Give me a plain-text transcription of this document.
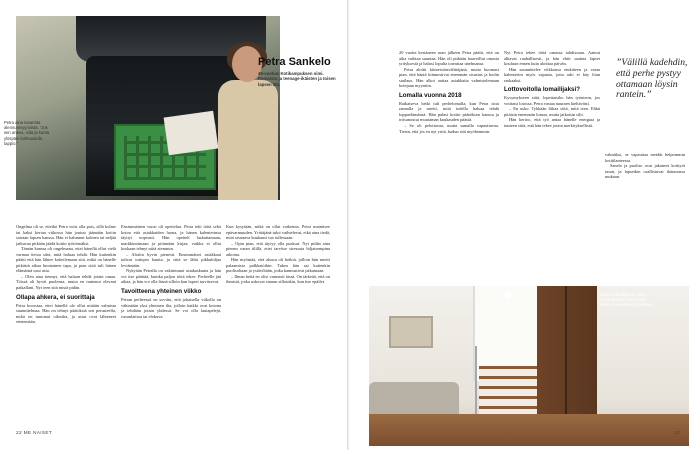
Petra aina tavaroita alennusmyynnistä. ”Jos sen ankea, niitä ja kanta ylöspäin kohtuudella tappio.”
Petra Sankelo
49-vuotias Kotikampuksen nimi. Pomoista ja teenage-ikäisten ja toisen lapsen äiti.

Ongelma oli se, etteikö Petra voisi olla pois, sillä kolme tai kaksi kertaa viikossa hän joutuu jäämään kotiin sairaan lapsen kanssa. Hän ei halunnut kolmea tai neljää jatkuvaa pitkään jäädä kotiin työttömäksi.

Tämän kanssa oli ongelmana, ettei hänellä ollut vielä varmaa tietoa siitä, mitä haluaa tehdä. Hän kuitenkin päätti että hän lähtee kokeilemaan sitä, mikä on hänelle pitkästä aikaa luontainen tapa, ja pian siitä tuli hänen elämänsä uusi asia.

– Olen aina tiennyt, että haluan tehdä jotain omaa. Töissä oli hyvät puolensa, mutta en tuntenut olevani paikallani. Nyt teen sitä mistä pidän.

Ollapa ahkera, ei suorittaja

Petra korostaa, ettei hänellä ole ollut mitään valmista suunnitelmaa. Hän on tehnyt päätöksiä sen perusteella, mikä on tuntunut oikealta, ja asiat ovat lähteneet etenemään.

Ensimmäinen vuosi oli opettelua. Petra teki töitä sekä kotoa että asiakkaiden luona, ja hänen kalenterinsa täyttyi nopeasti. Hän opetteli laskuttamaan, markkinoimaan ja pitämään kirjaa, vaikka ei ollut koskaan tehnyt niitä aiemmin.

– Aloitin hyvin pienesti. Ensimmäiset asiakkaat tulivat tuttujen kautta, ja siitä se lähti pikkuhiljaa leviämään.

Nykyään Petralla on vakiintunut asiakaskunta ja hän voi itse päättää, kuinka paljon töitä tekee. Perheelle jää aikaa, ja hän voi olla läsnä silloin kun lapset tarvitsevat.

Tavoitteena yhteinen viikko

Petran perheessä on sovittu, että jokaisella viikolla on vähintään yksi yhteinen ilta, jolloin kaikki ovat kotona ja tehdään jotain yhdessä. Se voi olla lautapelejä, ruoanlaittoa tai elokuva.

Kun kysytään, mikä on ollut vaikeinta, Petra mainitsee epävarmuuden. Yrittäjänä tulot vaihtelevat, eikä aina tiedä, mitä seuraava kuukausi tuo tullessaan.

– Opin pian, että täytyy olla puskuri. Nyt pidän aina pienen varan tilillä, ettei tarvitse stressata hiljaisempina aikoina.

Hän myöntää, että alussa oli hetkiä, jolloin hän mietti palaamista palkkatöihin. Tukea hän sai kuitenkin puolisoltaan ja ystäviltään, jotka kannustivat jatkamaan.

– Ilman heitä en olisi varmasti tässä. On tärkeää, että on ihmisiä, jotka uskovat sinuun silloinkin, kun itse epäilet.

22 ME NAISET

20 vuotta kestäneen uran jälkeen Petra päätti, että on aika vaihtaa suuntaa. Hän oli pitkään haaveillut omasta yrityksestä ja halusi lopulta toteuttaa unelmansa.

Petra aloitti kiinteistönvälittäjänä, mutta huomasi pian, että häntä kiinnostivat enemmän sisustus ja kodin stailaus. Hän alkoi auttaa asiakkaita valmistelemaan kotejaan myyntiin.

Lomalla vuonna 2018

Ratkaiseva hetki tuli perhelomalla, kun Petra istui rannalla ja mietti, mitä todella haluaa tehdä loppuelämänsä. Hän palasi kotiin päätöksen kanssa ja irtisanoutui muutaman kuukauden päästä.

– Se oli pelottavaa, mutta samalla vapauttavaa. Tiesin, että jos en nyt yritä, kadun sitä myöhemmin.

Nyt Petra tekee töitä omassa tahdissaan. Aamut alkavat rauhallisesti, ja hän ehtii saattaa lapset kouluun ennen kuin aloittaa päivän.

Hän suunnittelee viikkonsa etukäteen ja varaa kalenteriin myös vapaata, jotta arki ei käy liian raskaaksi.

Lottovoitolla lomailijaksi?

Kysymykseen siitä, lopettaisiko hän työnteon, jos voittaisi lotossa, Petra vastaa nauraen kieltävästi.

– En usko. Tykkään liikaa siitä, mitä teen. Ehkä pitäisin enemmän lomaa, mutta jatkaisin silti.

Hän kertoo, että työ antaa hänelle energiaa ja tunteen siitä, että hän tekee jotain merkityksellistä.

valmiiksi, se vapauttaa meidät helpommin kotitilanteessa.

Sanelo ja puoliso ovat jakaneet kotityöt tasan, ja lapsetkin osallistuvat ikätasonsa mukaan.

”Välillä kadehdin, että perhe pystyy ottamaan löysin rantein.”
Lämmin kodikkuus näkyy myös tilassa, jossa Petra tekee suunnitelmia ja ideoita.
23
